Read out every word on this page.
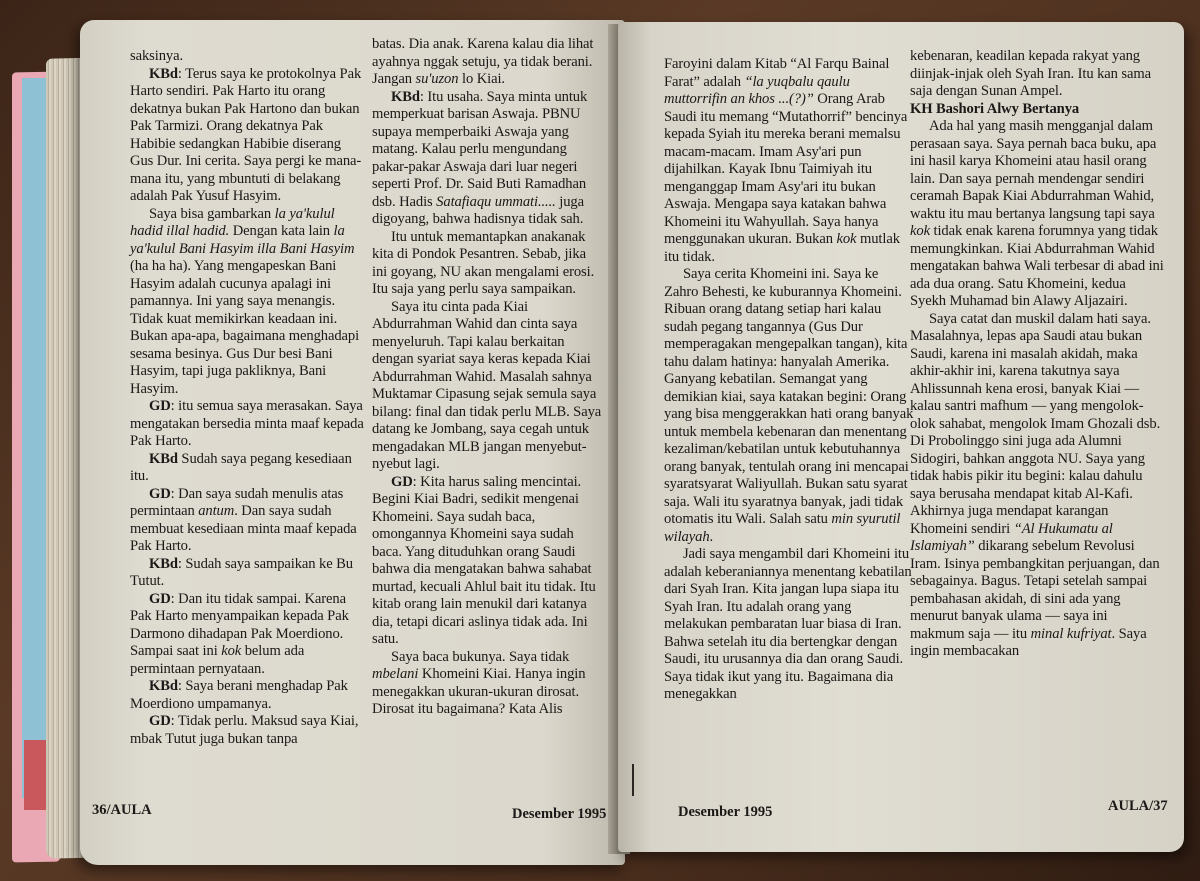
saksinya.

KBd: Terus saya ke protokolnya Pak Harto sendiri. Pak Harto itu orang dekatnya bukan Pak Hartono dan bukan Pak Tarmizi. Orang dekatnya Pak Habibie sedangkan Habibie diserang Gus Dur. Ini cerita. Saya pergi ke mana-mana itu, yang mbuntuti di belakang adalah Pak Yusuf Hasyim.

Saya bisa gambarkan la ya'kulul hadid illal hadid. Dengan kata lain la ya'kulul Bani Hasyim illa Bani Hasyim (ha ha ha). Yang mengapeskan Bani Hasyim adalah cucunya apalagi ini pamannya. Ini yang saya menangis. Tidak kuat memikirkan keadaan ini. Bukan apa-apa, bagaimana menghadapi sesama besinya. Gus Dur besi Bani Hasyim, tapi juga pakliknya, Bani Hasyim.

GD: itu semua saya merasakan. Saya mengatakan bersedia minta maaf kepada Pak Harto.

KBd Sudah saya pegang kesediaan itu.

GD: Dan saya sudah menulis atas permintaan antum. Dan saya sudah membuat kesediaan minta maaf kepada Pak Harto.

KBd: Sudah saya sampaikan ke Bu Tutut.

GD: Dan itu tidak sampai. Karena Pak Harto menyampaikan kepada Pak Darmono dihadapan Pak Moerdiono. Sampai saat ini kok belum ada permintaan pernyataan.

KBd: Saya berani menghadap Pak Moerdiono umpamanya.

GD: Tidak perlu. Maksud saya Kiai, mbak Tutut juga bukan tanpa

batas. Dia anak. Karena kalau dia lihat ayahnya nggak setuju, ya tidak berani. Jangan su'uzon lo Kiai.

KBd: Itu usaha. Saya minta untuk memperkuat barisan Aswaja. PBNU supaya memperbaiki Aswaja yang matang. Kalau perlu mengundang pakar-pakar Aswaja dari luar negeri seperti Prof. Dr. Said Buti Ramadhan dsb. Hadis Satafiaqu ummati..... juga digoyang, bahwa hadisnya tidak sah.

Itu untuk memantapkan anakanak kita di Pondok Pesantren. Sebab, jika ini goyang, NU akan mengalami erosi. Itu saja yang perlu saya sampaikan.

Saya itu cinta pada Kiai Abdurrahman Wahid dan cinta saya menyeluruh. Tapi kalau berkaitan dengan syariat saya keras kepada Kiai Abdurrahman Wahid. Masalah sahnya Muktamar Cipasung sejak semula saya bilang: final dan tidak perlu MLB. Saya datang ke Jombang, saya cegah untuk mengadakan MLB jangan menyebut-nyebut lagi.

GD: Kita harus saling mencintai. Begini Kiai Badri, sedikit mengenai Khomeini. Saya sudah baca, omongannya Khomeini saya sudah baca. Yang dituduhkan orang Saudi bahwa dia mengatakan bahwa sahabat murtad, kecuali Ahlul bait itu tidak. Itu kitab orang lain menukil dari katanya dia, tetapi dicari aslinya tidak ada. Ini satu.

Saya baca bukunya. Saya tidak mbelani Khomeini Kiai. Hanya ingin menegakkan ukuran-ukuran dirosat. Dirosat itu bagaimana? Kata Alis

36/AULA	Desember 1995

Faroyini dalam Kitab “Al Farqu Bainal Farat” adalah “la yuqbalu qaulu muttorrifin an khos ...(?)” Orang Arab Saudi itu memang “Mutathorrif” bencinya kepada Syiah itu mereka berani memalsu macam-macam. Imam Asy'ari pun dijahilkan. Kayak Ibnu Taimiyah itu menganggap Imam Asy'ari itu bukan Aswaja. Mengapa saya katakan bahwa Khomeini itu Wahyullah. Saya hanya menggunakan ukuran. Bukan kok mutlak itu tidak.

Saya cerita Khomeini ini. Saya ke Zahro Behesti, ke kuburannya Khomeini. Ribuan orang datang setiap hari kalau sudah pegang tangannya (Gus Dur memperagakan mengepalkan tangan), kita tahu dalam hatinya: hanyalah Amerika. Ganyang kebatilan. Semangat yang demikian kiai, saya katakan begini: Orang yang bisa menggerakkan hati orang banyak untuk membela kebenaran dan menentang kezaliman/kebatilan untuk kebutuhannya orang banyak, tentulah orang ini mencapai syaratsyarat Waliyullah. Bukan satu syarat saja. Wali itu syaratnya banyak, jadi tidak otomatis itu Wali. Salah satu min syurutil wilayah.

Jadi saya mengambil dari Khomeini itu adalah keberaniannya menentang kebatilan dari Syah Iran. Kita jangan lupa siapa itu Syah Iran. Itu adalah orang yang melakukan pembaratan luar biasa di Iran. Bahwa setelah itu dia bertengkar dengan Saudi, itu urusannya dia dan orang Saudi. Saya tidak ikut yang itu. Bagaimana dia menegakkan

kebenaran, keadilan kepada rakyat yang diinjak-injak oleh Syah Iran. Itu kan sama saja dengan Sunan Ampel.

KH Bashori Alwy Bertanya

Ada hal yang masih mengganjal dalam perasaan saya. Saya pernah baca buku, apa ini hasil karya Khomeini atau hasil orang lain. Dan saya pernah mendengar sendiri ceramah Bapak Kiai Abdurrahman Wahid, waktu itu mau bertanya langsung tapi saya kok tidak enak karena forumnya yang tidak memungkinkan. Kiai Abdurrahman Wahid mengatakan bahwa Wali terbesar di abad ini ada dua orang. Satu Khomeini, kedua Syekh Muhamad bin Alawy Aljazairi.

Saya catat dan muskil dalam hati saya. Masalahnya, lepas apa Saudi atau bukan Saudi, karena ini masalah akidah, maka akhir-akhir ini, karena takutnya saya Ahlissunnah kena erosi, banyak Kiai — kalau santri mafhum — yang mengolok-olok sahabat, mengolok Imam Ghozali dsb. Di Probolinggo sini juga ada Alumni Sidogiri, bahkan anggota NU. Saya yang tidak habis pikir itu begini: kalau dahulu saya berusaha mendapat kitab Al-Kafi. Akhirnya juga mendapat karangan Khomeini sendiri “Al Hukumatu al Islamiyah” dikarang sebelum Revolusi Iram. Isinya pembangkitan perjuangan, dan sebagainya. Bagus. Tetapi setelah sampai pembahasan akidah, di sini ada yang menurut banyak ulama — saya ini makmum saja — itu minal kufriyat. Saya ingin membacakan

Desember 1995	AULA/37
